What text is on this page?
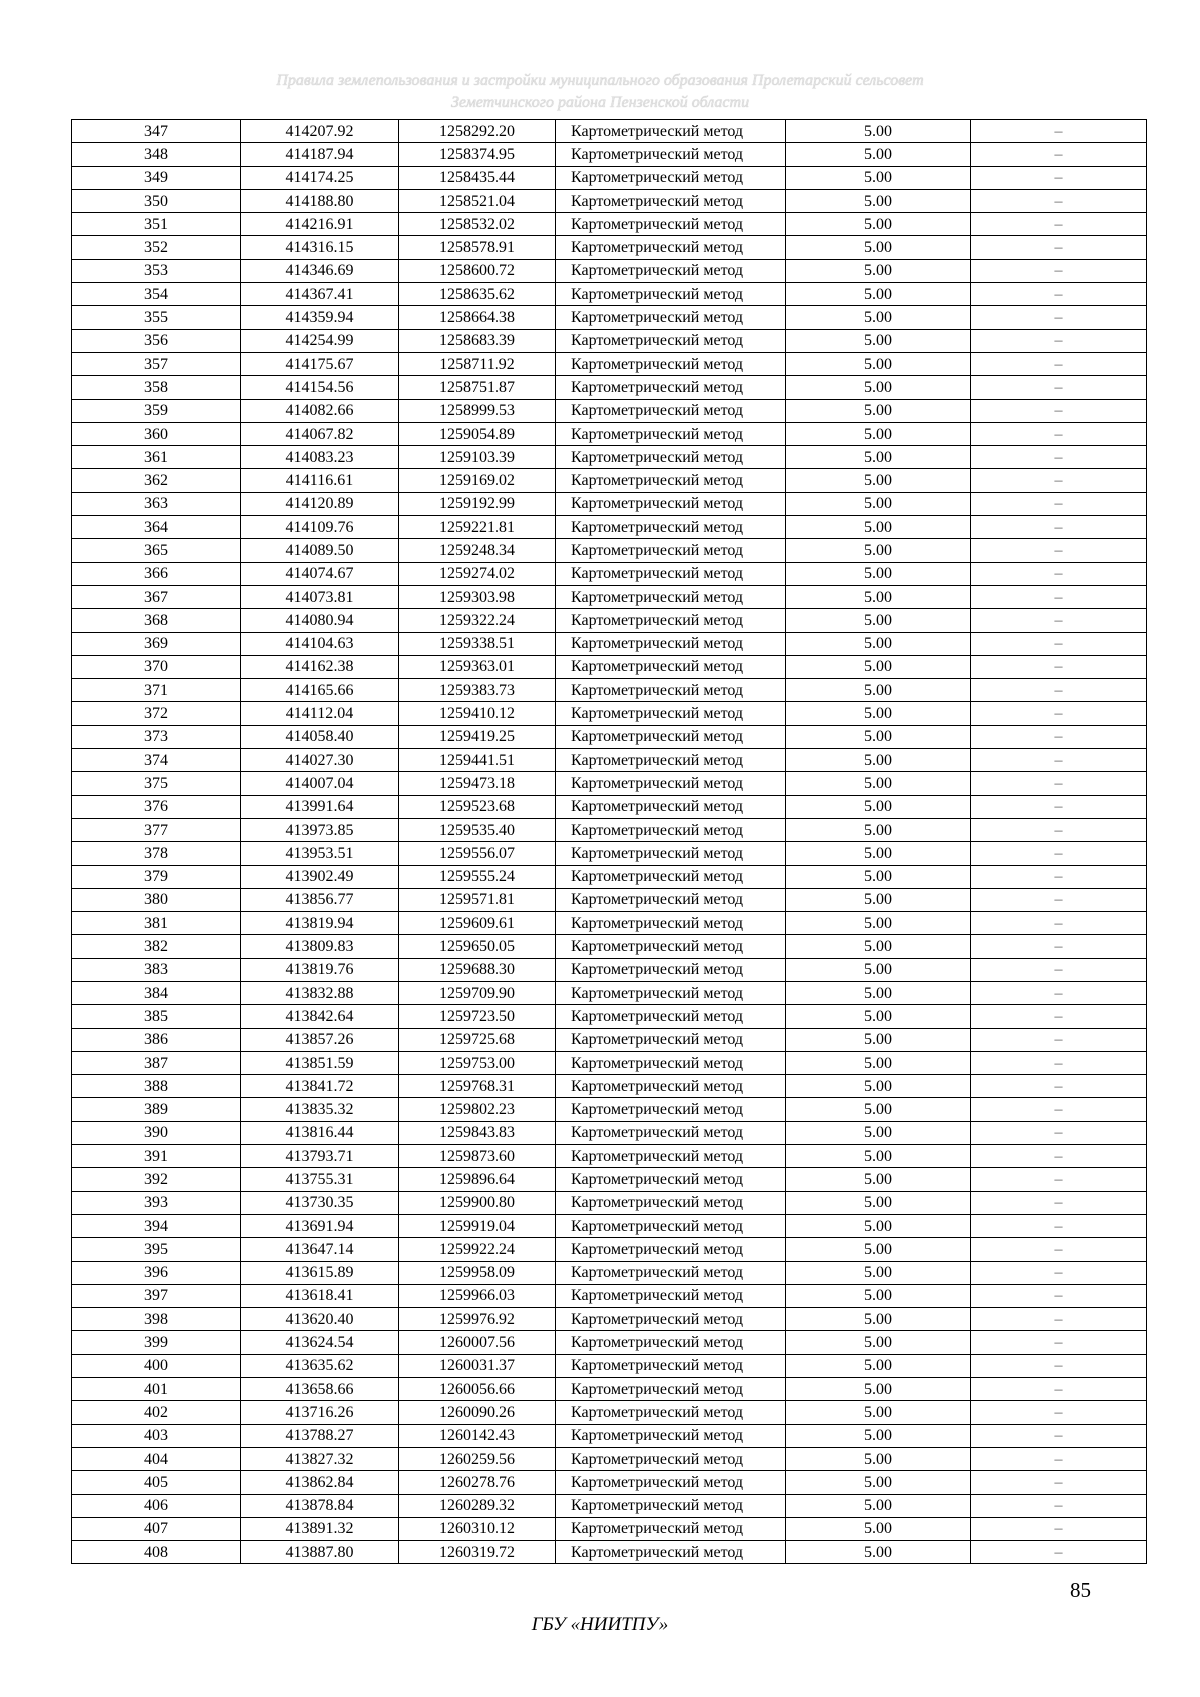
Правила землепользования и застройки муниципального образования Пролетарский сельсовет
Земетчинского района Пензенской области
347	414207.92	1258292.20	Картометрический метод	5.00	–
348	414187.94	1258374.95	Картометрический метод	5.00	–
349	414174.25	1258435.44	Картометрический метод	5.00	–
350	414188.80	1258521.04	Картометрический метод	5.00	–
351	414216.91	1258532.02	Картометрический метод	5.00	–
352	414316.15	1258578.91	Картометрический метод	5.00	–
353	414346.69	1258600.72	Картометрический метод	5.00	–
354	414367.41	1258635.62	Картометрический метод	5.00	–
355	414359.94	1258664.38	Картометрический метод	5.00	–
356	414254.99	1258683.39	Картометрический метод	5.00	–
357	414175.67	1258711.92	Картометрический метод	5.00	–
358	414154.56	1258751.87	Картометрический метод	5.00	–
359	414082.66	1258999.53	Картометрический метод	5.00	–
360	414067.82	1259054.89	Картометрический метод	5.00	–
361	414083.23	1259103.39	Картометрический метод	5.00	–
362	414116.61	1259169.02	Картометрический метод	5.00	–
363	414120.89	1259192.99	Картометрический метод	5.00	–
364	414109.76	1259221.81	Картометрический метод	5.00	–
365	414089.50	1259248.34	Картометрический метод	5.00	–
366	414074.67	1259274.02	Картометрический метод	5.00	–
367	414073.81	1259303.98	Картометрический метод	5.00	–
368	414080.94	1259322.24	Картометрический метод	5.00	–
369	414104.63	1259338.51	Картометрический метод	5.00	–
370	414162.38	1259363.01	Картометрический метод	5.00	–
371	414165.66	1259383.73	Картометрический метод	5.00	–
372	414112.04	1259410.12	Картометрический метод	5.00	–
373	414058.40	1259419.25	Картометрический метод	5.00	–
374	414027.30	1259441.51	Картометрический метод	5.00	–
375	414007.04	1259473.18	Картометрический метод	5.00	–
376	413991.64	1259523.68	Картометрический метод	5.00	–
377	413973.85	1259535.40	Картометрический метод	5.00	–
378	413953.51	1259556.07	Картометрический метод	5.00	–
379	413902.49	1259555.24	Картометрический метод	5.00	–
380	413856.77	1259571.81	Картометрический метод	5.00	–
381	413819.94	1259609.61	Картометрический метод	5.00	–
382	413809.83	1259650.05	Картометрический метод	5.00	–
383	413819.76	1259688.30	Картометрический метод	5.00	–
384	413832.88	1259709.90	Картометрический метод	5.00	–
385	413842.64	1259723.50	Картометрический метод	5.00	–
386	413857.26	1259725.68	Картометрический метод	5.00	–
387	413851.59	1259753.00	Картометрический метод	5.00	–
388	413841.72	1259768.31	Картометрический метод	5.00	–
389	413835.32	1259802.23	Картометрический метод	5.00	–
390	413816.44	1259843.83	Картометрический метод	5.00	–
391	413793.71	1259873.60	Картометрический метод	5.00	–
392	413755.31	1259896.64	Картометрический метод	5.00	–
393	413730.35	1259900.80	Картометрический метод	5.00	–
394	413691.94	1259919.04	Картометрический метод	5.00	–
395	413647.14	1259922.24	Картометрический метод	5.00	–
396	413615.89	1259958.09	Картометрический метод	5.00	–
397	413618.41	1259966.03	Картометрический метод	5.00	–
398	413620.40	1259976.92	Картометрический метод	5.00	–
399	413624.54	1260007.56	Картометрический метод	5.00	–
400	413635.62	1260031.37	Картометрический метод	5.00	–
401	413658.66	1260056.66	Картометрический метод	5.00	–
402	413716.26	1260090.26	Картометрический метод	5.00	–
403	413788.27	1260142.43	Картометрический метод	5.00	–
404	413827.32	1260259.56	Картометрический метод	5.00	–
405	413862.84	1260278.76	Картометрический метод	5.00	–
406	413878.84	1260289.32	Картометрический метод	5.00	–
407	413891.32	1260310.12	Картометрический метод	5.00	–
408	413887.80	1260319.72	Картометрический метод	5.00	–
85
ГБУ «НИИТПУ»
